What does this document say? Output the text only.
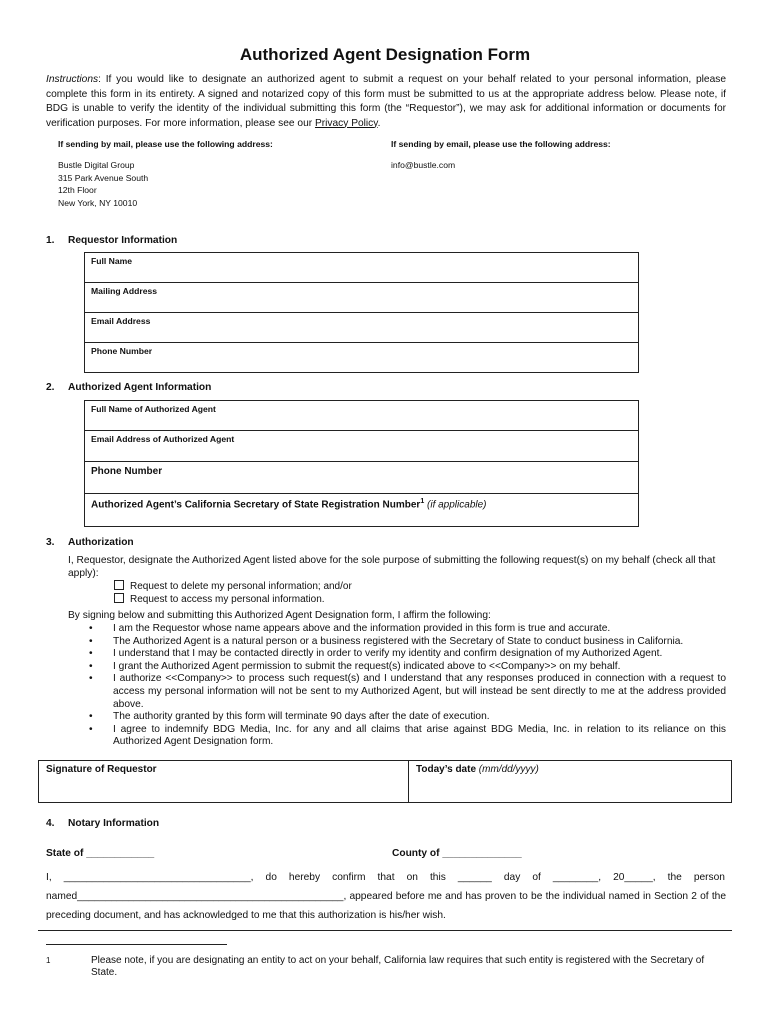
Authorized Agent Designation Form
Instructions: If you would like to designate an authorized agent to submit a request on your behalf related to your personal information, please complete this form in its entirety. A signed and notarized copy of this form must be submitted to us at the appropriate address below. Please note, if BDG is unable to verify the identity of the individual submitting this form (the “Requestor”), we may ask for additional information or documents for verification purposes. For more information, please see our Privacy Policy.
If sending by mail, please use the following address:	If sending by email, please use the following address:
Bustle Digital Group
315 Park Avenue South
12th Floor
New York, NY 10010
info@bustle.com
1. Requestor Information
Full Name
Mailing Address
Email Address
Phone Number
2. Authorized Agent Information
Full Name of Authorized Agent
Email Address of Authorized Agent
Phone Number
Authorized Agent’s California Secretary of State Registration Number$^1$ (if applicable)
3. Authorization
I, Requestor, designate the Authorized Agent listed above for the sole purpose of submitting the following request(s) on my behalf (check all that apply):
Request to delete my personal information; and/or
Request to access my personal information.
By signing below and submitting this Authorized Agent Designation form, I affirm the following:
• I am the Requestor whose name appears above and the information provided in this form is true and accurate.
• The Authorized Agent is a natural person or a business registered with the Secretary of State to conduct business in California.
• I understand that I may be contacted directly in order to verify my identity and confirm designation of my Authorized Agent.
• I grant the Authorized Agent permission to submit the request(s) indicated above to <<Company>> on my behalf.
• I authorize <<Company>> to process such request(s) and I understand that any responses produced in connection with a request to access my personal information will not be sent to my Authorized Agent, but will instead be sent directly to me at the address provided above.
• The authority granted by this form will terminate 90 days after the date of execution.
• I agree to indemnify BDG Media, Inc. for any and all claims that arise against BDG Media, Inc. in relation to its reliance on this Authorized Agent Designation form.
Signature of Requestor	Today’s date (mm/dd/yyyy)
4. Notary Information
State of ____________	County of ______________
I, _________________________________, do hereby confirm that on this ______ day of ________, 20_____, the person
named_______________________________________________, appeared before me and has proven to be the individual named in Section 2 of the
preceding document, and has acknowledged to me that this authorization is his/her wish.
1	Please note, if you are designating an entity to act on your behalf, California law requires that such entity is registered with the Secretary of State.
